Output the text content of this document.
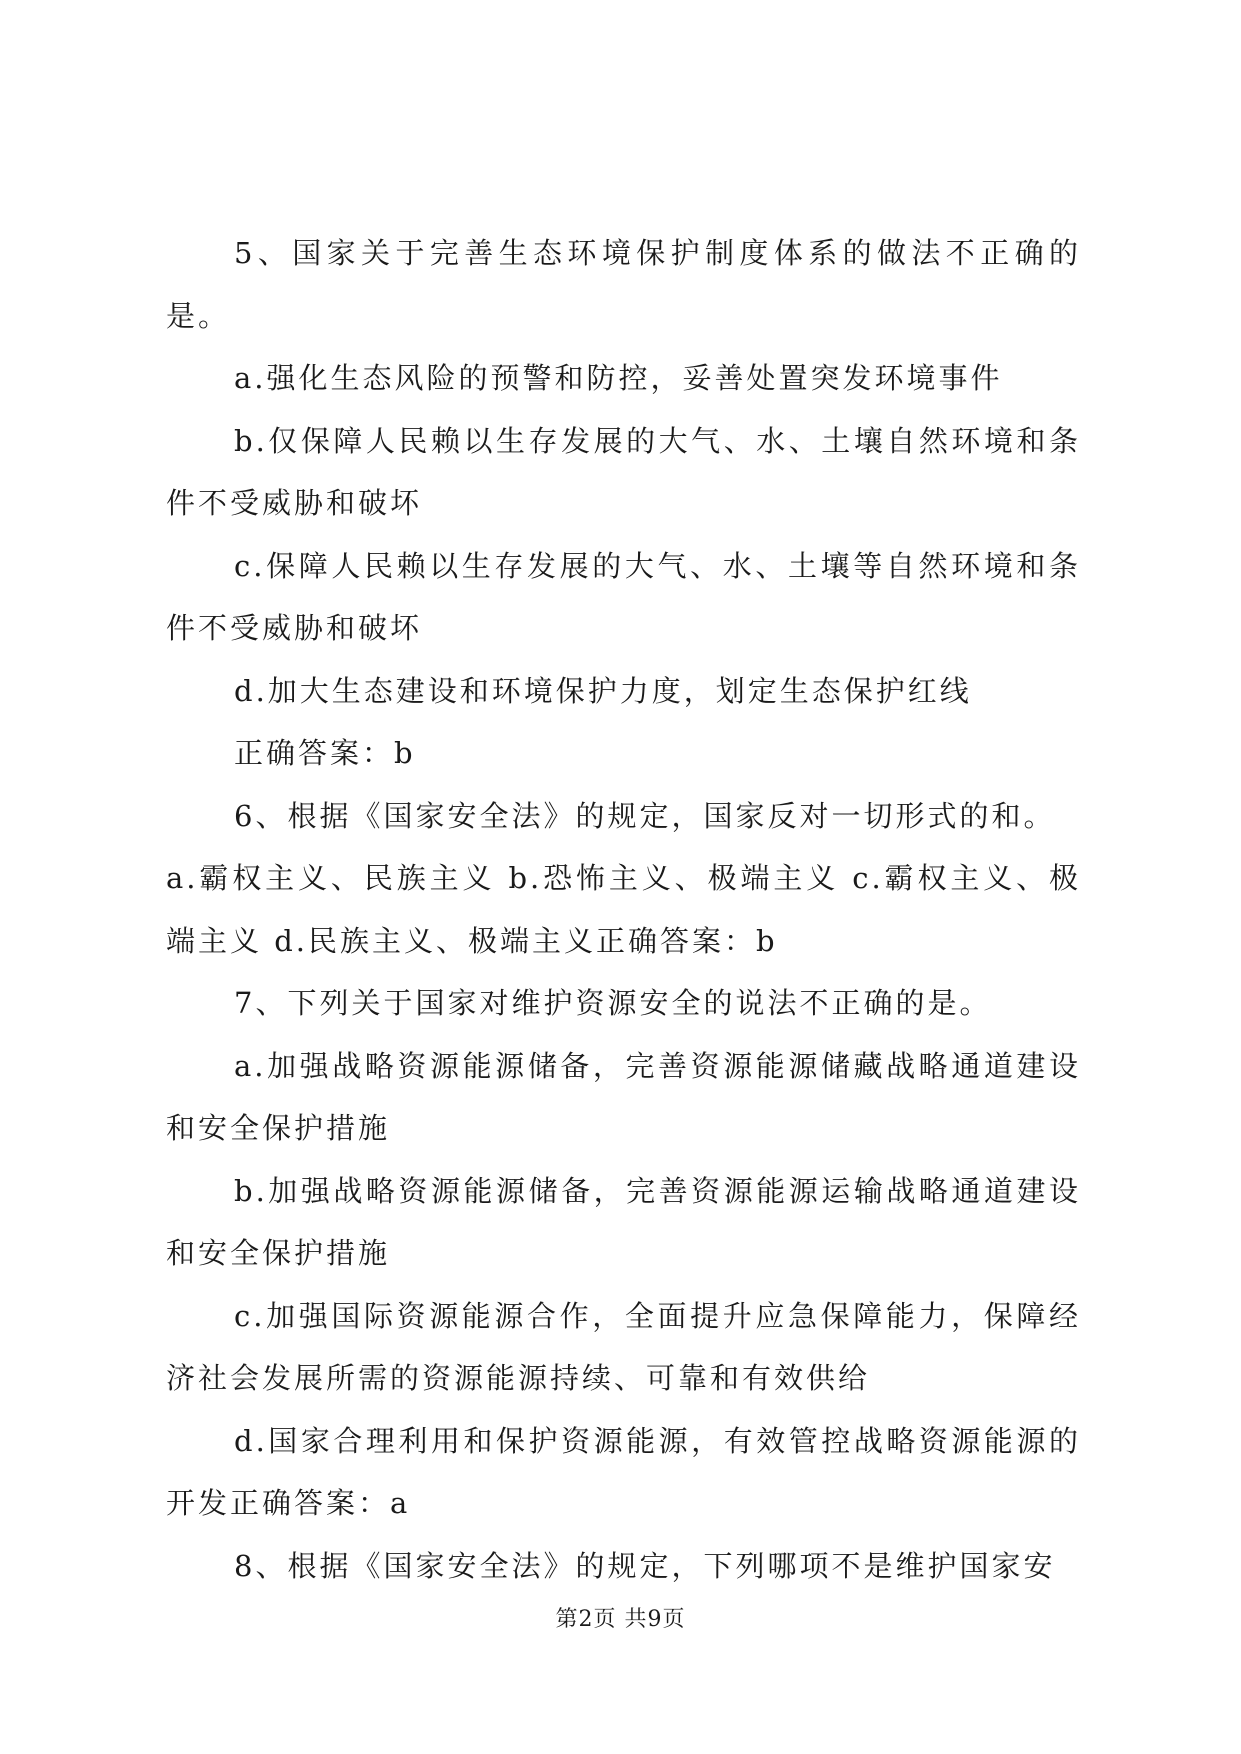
5、国家关于完善生态环境保护制度体系的做法不正确的是。

a.强化生态风险的预警和防控，妥善处置突发环境事件

b.仅保障人民赖以生存发展的大气、水、土壤自然环境和条件不受威胁和破坏

c.保障人民赖以生存发展的大气、水、土壤等自然环境和条件不受威胁和破坏

d.加大生态建设和环境保护力度，划定生态保护红线

正确答案：b

6、根据《国家安全法》的规定，国家反对一切形式的和。

a.霸权主义、民族主义 b.恐怖主义、极端主义 c.霸权主义、极端主义 d.民族主义、极端主义正确答案：b

7、下列关于国家对维护资源安全的说法不正确的是。

a.加强战略资源能源储备，完善资源能源储藏战略通道建设和安全保护措施

b.加强战略资源能源储备，完善资源能源运输战略通道建设和安全保护措施

c.加强国际资源能源合作，全面提升应急保障能力，保障经济社会发展所需的资源能源持续、可靠和有效供给

d.国家合理利用和保护资源能源，有效管控战略资源能源的开发正确答案：a

8、根据《国家安全法》的规定，下列哪项不是维护国家安

第2页 共9页
